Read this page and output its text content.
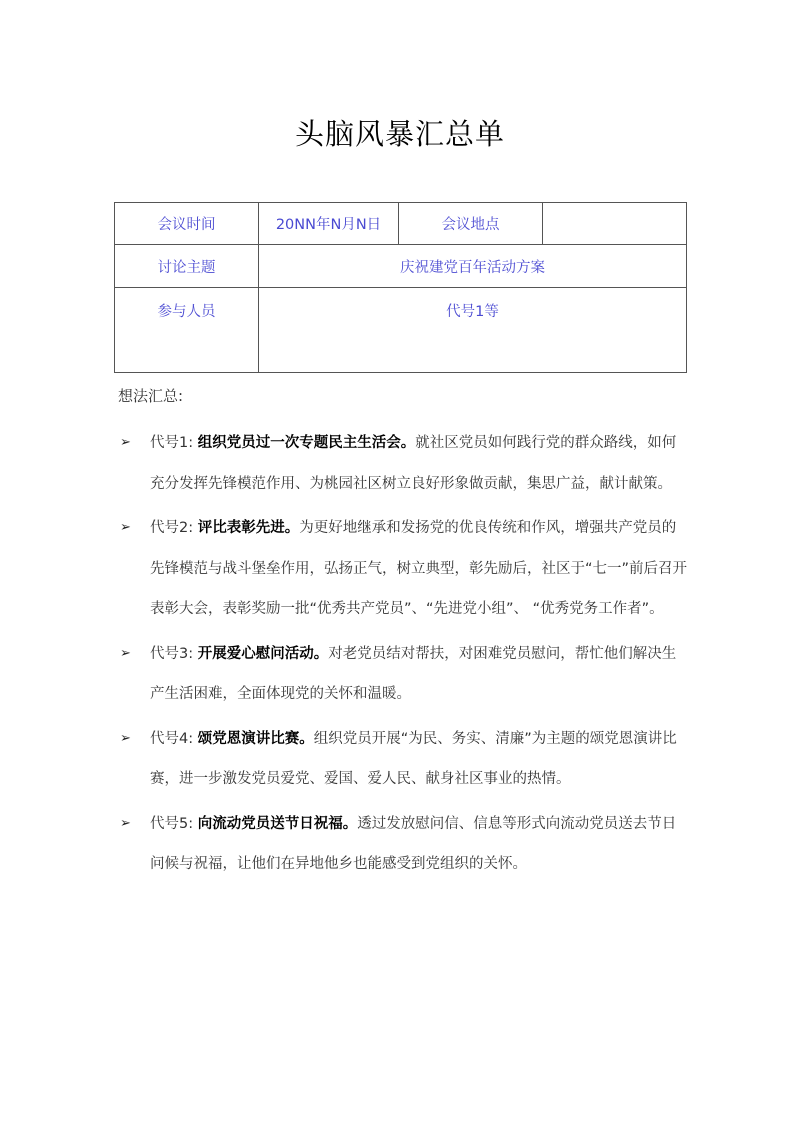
头脑风暴汇总单
会议时间	20NN年N月N日	会议地点	
讨论主题	庆祝建党百年活动方案		
参与人员	代号1等		
想法汇总:
➢ 代号1: 组织党员过一次专题民主生活会。就社区党员如何践行党的群众路线，如何充分发挥先锋模范作用、为桃园社区树立良好形象做贡献，集思广益，献计献策。
➢ 代号2: 评比表彰先进。为更好地继承和发扬党的优良传统和作风，增强共产党员的先锋模范与战斗堡垒作用，弘扬正气，树立典型，彰先励后，社区于“七一”前后召开表彰大会，表彰奖励一批“优秀共产党员”、“先进党小组”、 “优秀党务工作者”。
➢ 代号3: 开展爱心慰问活动。对老党员结对帮扶，对困难党员慰问，帮忙他们解决生产生活困难，全面体现党的关怀和温暖。
➢ 代号4: 颂党恩演讲比赛。组织党员开展“为民、务实、清廉”为主题的颂党恩演讲比赛，进一步激发党员爱党、爱国、爱人民、献身社区事业的热情。
➢ 代号5: 向流动党员送节日祝福。透过发放慰问信、信息等形式向流动党员送去节日问候与祝福，让他们在异地他乡也能感受到党组织的关怀。
